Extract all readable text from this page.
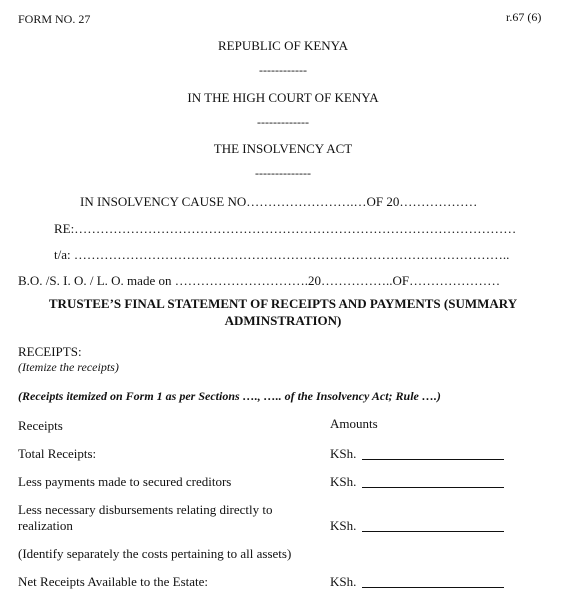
FORM NO. 27	r.67 (6)
REPUBLIC OF KENYA
------------
IN THE HIGH COURT OF KENYA
-------------
THE INSOLVENCY ACT
--------------
IN INSOLVENCY CAUSE NO…………………….…OF 20………………
RE:…………………………………………………………………………………………
t/a: ………………………………………………………………………………………..
B.O. /S. I. O. / L. O. made on ………………………….20……………..OF…………………
TRUSTEE’S FINAL STATEMENT OF RECEIPTS AND PAYMENTS (SUMMARY
ADMINSTRATION)
RECEIPTS:
(Itemize the receipts)
(Receipts itemized on Form 1 as per Sections …., ….. of the Insolvency Act; Rule ….)
Receipts	Amounts
Total Receipts:	KSh.
Less payments made to secured creditors	KSh.
Less necessary disbursements relating directly to
realization	KSh.
(Identify separately the costs pertaining to all assets)
Net Receipts Available to the Estate:	KSh.
